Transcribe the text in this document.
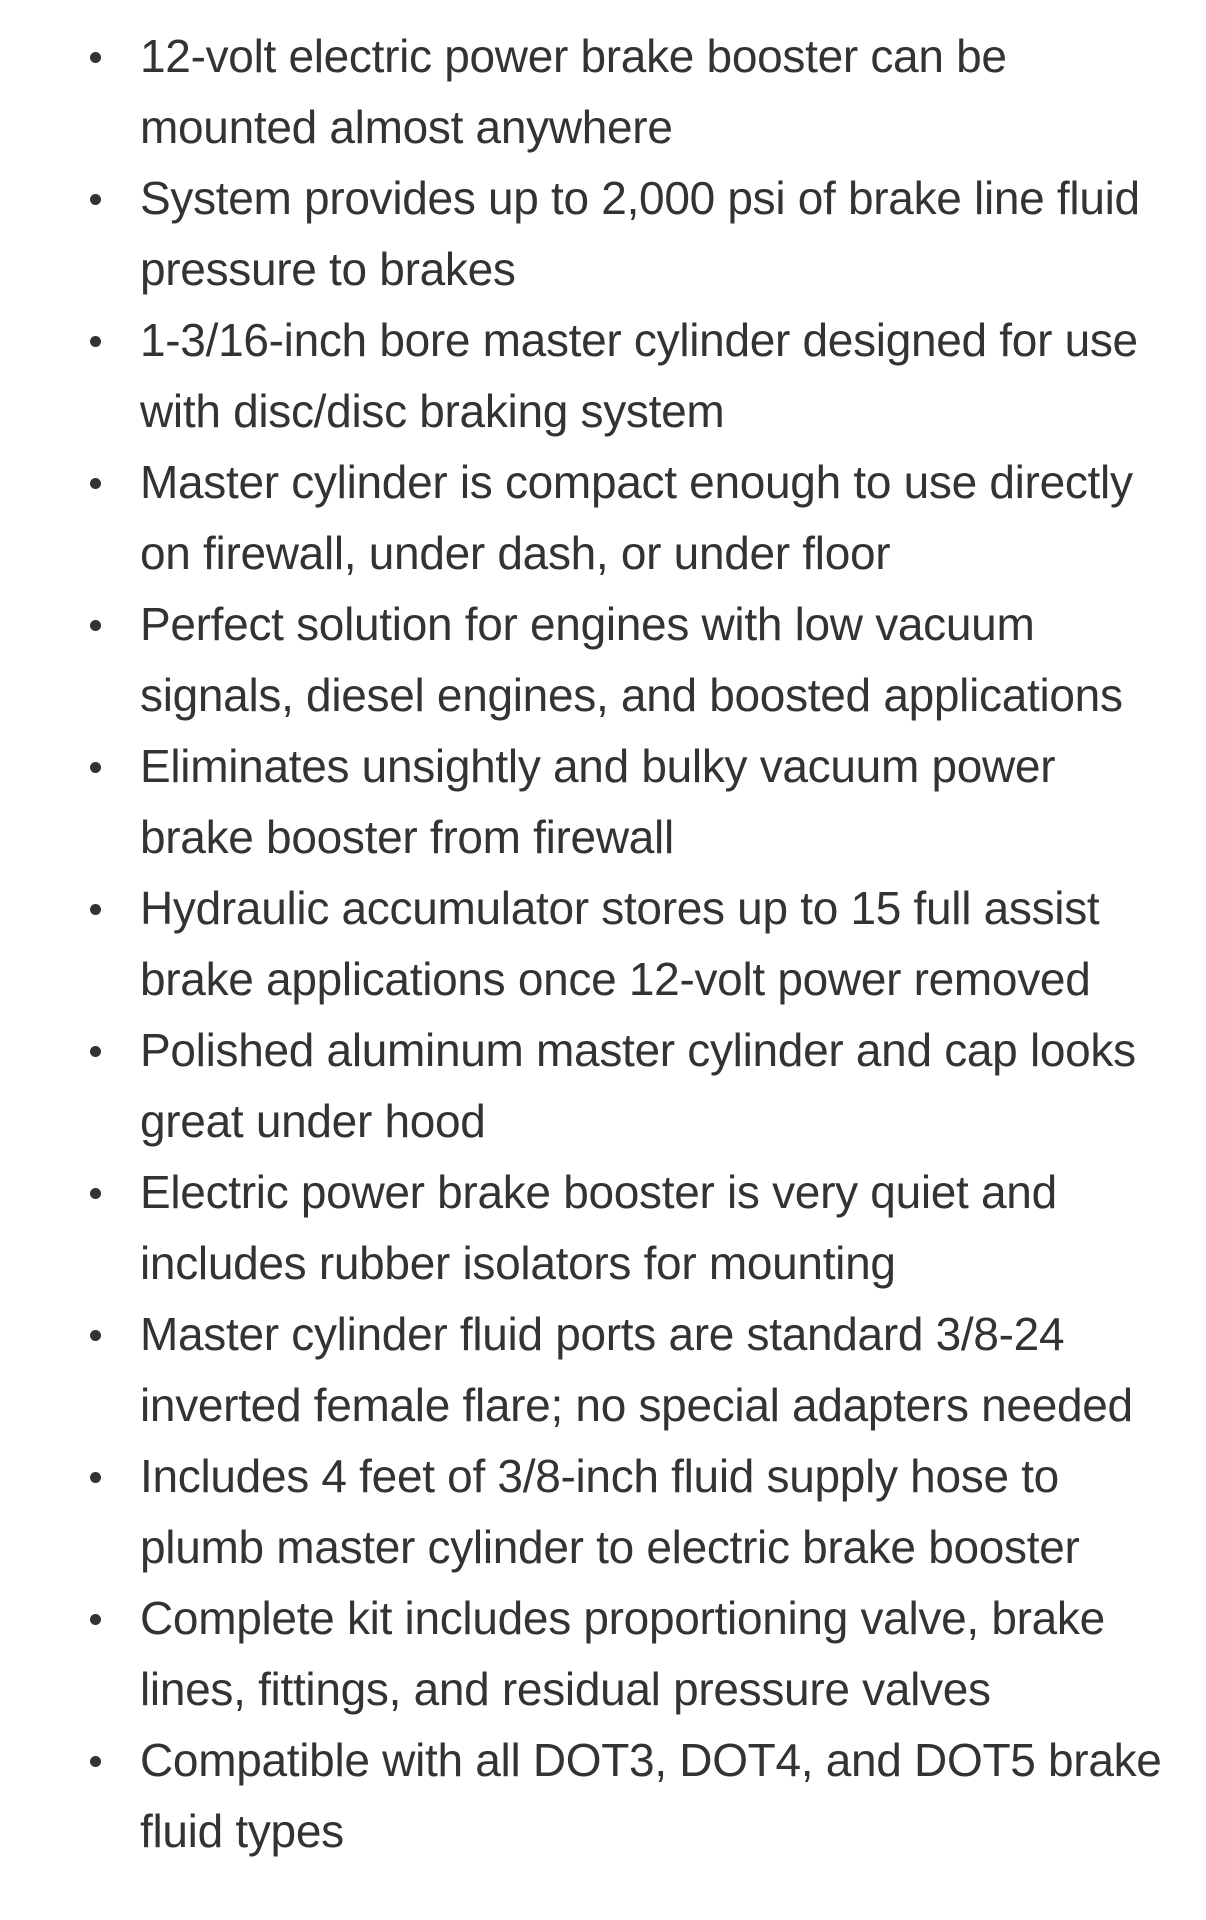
12-volt electric power brake booster can be
mounted almost anywhere
System provides up to 2,000 psi of brake line fluid
pressure to brakes
1-3/16-inch bore master cylinder designed for use
with disc/disc braking system
Master cylinder is compact enough to use directly
on firewall, under dash, or under floor
Perfect solution for engines with low vacuum
signals, diesel engines, and boosted applications
Eliminates unsightly and bulky vacuum power
brake booster from firewall
Hydraulic accumulator stores up to 15 full assist
brake applications once 12-volt power removed
Polished aluminum master cylinder and cap looks
great under hood
Electric power brake booster is very quiet and
includes rubber isolators for mounting
Master cylinder fluid ports are standard 3/8-24
inverted female flare; no special adapters needed
Includes 4 feet of 3/8-inch fluid supply hose to
plumb master cylinder to electric brake booster
Complete kit includes proportioning valve, brake
lines, fittings, and residual pressure valves
Compatible with all DOT3, DOT4, and DOT5 brake
fluid types
